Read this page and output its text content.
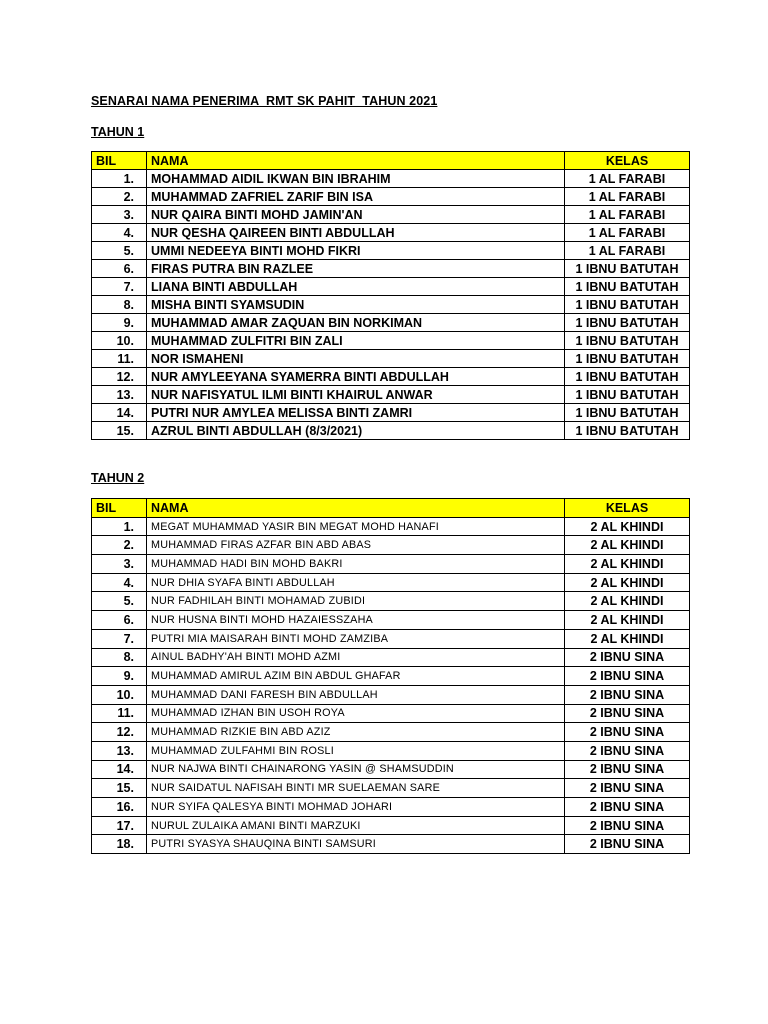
SENARAI NAMA PENERIMA  RMT SK PAHIT  TAHUN 2021
TAHUN 1
BIL	NAMA	KELAS
1.	MOHAMMAD AIDIL IKWAN BIN IBRAHIM	1 AL FARABI
2.	MUHAMMAD ZAFRIEL ZARIF BIN ISA	1 AL FARABI
3.	NUR QAIRA BINTI MOHD JAMIN'AN	1 AL FARABI
4.	NUR QESHA QAIREEN BINTI ABDULLAH	1 AL FARABI
5.	UMMI NEDEEYA BINTI MOHD FIKRI	1 AL FARABI
6.	FIRAS PUTRA BIN RAZLEE	1 IBNU BATUTAH
7.	LIANA BINTI ABDULLAH	1 IBNU BATUTAH
8.	MISHA BINTI SYAMSUDIN	1 IBNU BATUTAH
9.	MUHAMMAD AMAR ZAQUAN BIN NORKIMAN	1 IBNU BATUTAH
10.	MUHAMMAD ZULFITRI BIN ZALI	1 IBNU BATUTAH
11.	NOR ISMAHENI	1 IBNU BATUTAH
12.	NUR AMYLEEYANA SYAMERRA BINTI ABDULLAH	1 IBNU BATUTAH
13.	NUR NAFISYATUL ILMI BINTI KHAIRUL ANWAR	1 IBNU BATUTAH
14.	PUTRI NUR AMYLEA MELISSA BINTI ZAMRI	1 IBNU BATUTAH
15.	AZRUL BINTI ABDULLAH (8/3/2021)	1 IBNU BATUTAH
TAHUN 2
BIL	NAMA	KELAS
1.	MEGAT MUHAMMAD YASIR BIN MEGAT MOHD HANAFI	2 AL KHINDI
2.	MUHAMMAD FIRAS AZFAR BIN ABD ABAS	2 AL KHINDI
3.	MUHAMMAD HADI BIN MOHD BAKRI	2 AL KHINDI
4.	NUR DHIA SYAFA BINTI ABDULLAH	2 AL KHINDI
5.	NUR FADHILAH BINTI MOHAMAD ZUBIDI	2 AL KHINDI
6.	NUR HUSNA BINTI MOHD HAZAIESSZAHA	2 AL KHINDI
7.	PUTRI MIA MAISARAH BINTI MOHD ZAMZIBA	2 AL KHINDI
8.	AINUL BADHY'AH BINTI MOHD AZMI	2 IBNU SINA
9.	MUHAMMAD AMIRUL AZIM BIN ABDUL GHAFAR	2 IBNU SINA
10.	MUHAMMAD DANI FARESH BIN ABDULLAH	2 IBNU SINA
11.	MUHAMMAD IZHAN BIN USOH ROYA	2 IBNU SINA
12.	MUHAMMAD RIZKIE BIN ABD AZIZ	2 IBNU SINA
13.	MUHAMMAD ZULFAHMI BIN ROSLI	2 IBNU SINA
14.	NUR NAJWA BINTI CHAINARONG YASIN @ SHAMSUDDIN	2 IBNU SINA
15.	NUR SAIDATUL NAFISAH BINTI MR SUELAEMAN SARE	2 IBNU SINA
16.	NUR SYIFA QALESYA BINTI MOHMAD JOHARI	2 IBNU SINA
17.	NURUL ZULAIKA AMANI BINTI MARZUKI	2 IBNU SINA
18.	PUTRI SYASYA SHAUQINA BINTI SAMSURI	2 IBNU SINA
